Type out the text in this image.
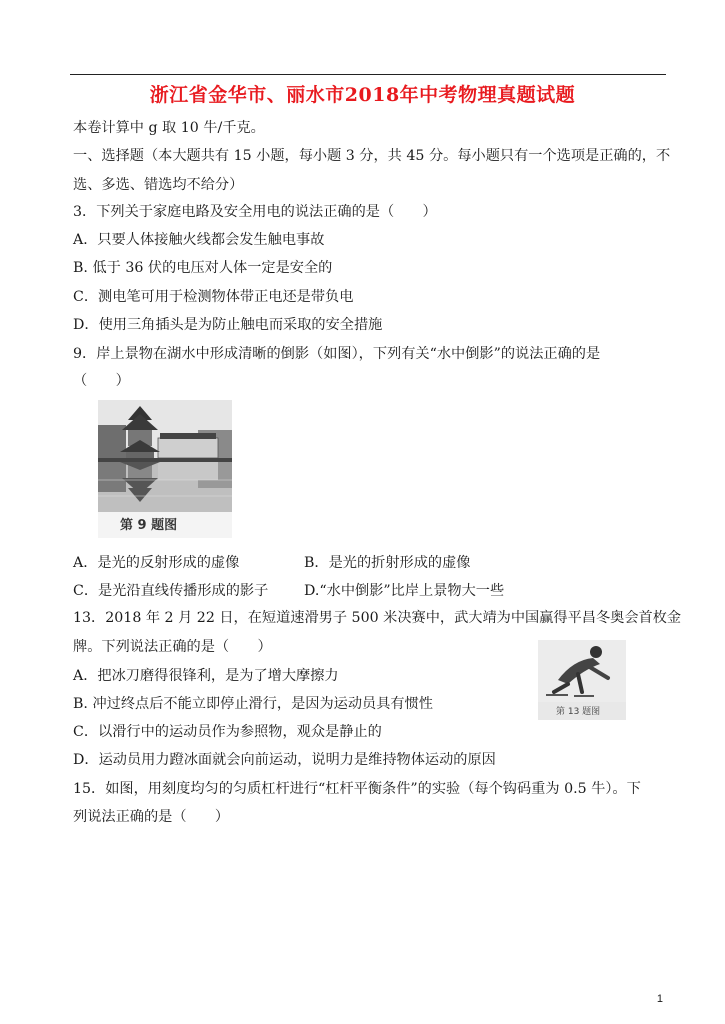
浙江省金华市、丽水市2018年中考物理真题试题
本卷计算中 g 取 10 牛/千克。
一、选择题（本大题共有 15 小题，每小题 3 分，共 45 分。每小题只有一个选项是正确的，不
选、多选、错选均不给分）
3．下列关于家庭电路及安全用电的说法正确的是（　　）
A．只要人体接触火线都会发生触电事故
B. 低于 36 伏的电压对人体一定是安全的
C．测电笔可用于检测物体带正电还是带负电
D．使用三角插头是为防止触电而采取的安全措施
9．岸上景物在湖水中形成清晰的倒影（如图），下列有关“水中倒影”的说法正确的是
（　　）
第 9 题图
A．是光的反射形成的虚像	B．是光的折射形成的虚像
C．是光沿直线传播形成的影子	D.“水中倒影”比岸上景物大一些
13．2018 年 2 月 22 日，在短道速滑男子 500 米决赛中，武大靖为中国赢得平昌冬奥会首枚金
牌。下列说法正确的是（　　）
第 13 题图
A．把冰刀磨得很锋利，是为了增大摩擦力
B. 冲过终点后不能立即停止滑行，是因为运动员具有惯性
C．以滑行中的运动员作为参照物，观众是静止的
D．运动员用力蹬冰面就会向前运动，说明力是维持物体运动的原因
15．如图，用刻度均匀的匀质杠杆进行“杠杆平衡条件”的实验（每个钩码重为 0.5 牛）。下
列说法正确的是（　　）
1
